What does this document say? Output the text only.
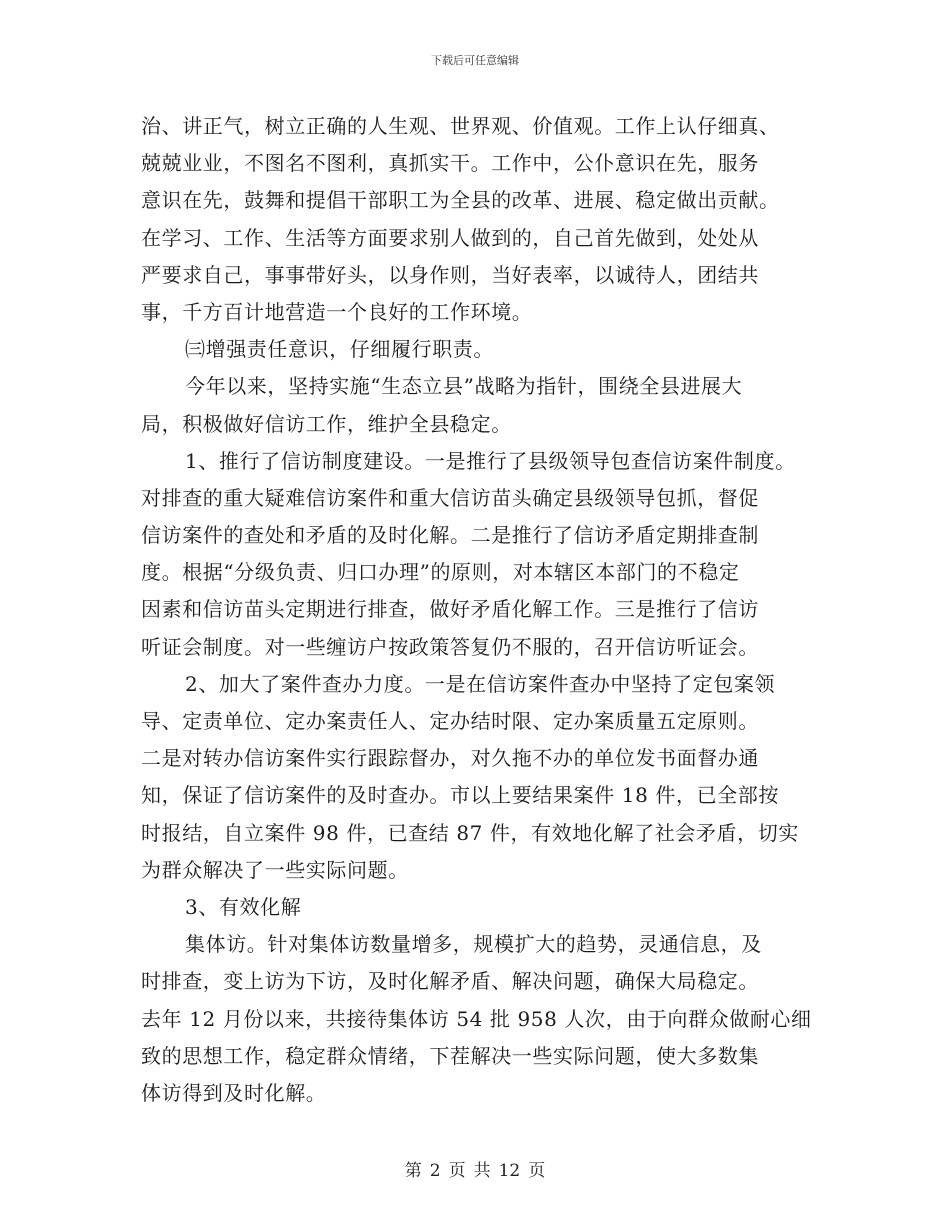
下载后可任意编辑
治、讲正气，树立正确的人生观、世界观、价值观。工作上认仔细真、
兢兢业业，不图名不图利，真抓实干。工作中，公仆意识在先，服务
意识在先，鼓舞和提倡干部职工为全县的改革、进展、稳定做出贡献。
在学习、工作、生活等方面要求别人做到的，自己首先做到，处处从
严要求自己，事事带好头，以身作则，当好表率，以诚待人，团结共
事，千方百计地营造一个良好的工作环境。
㈢增强责任意识，仔细履行职责。
今年以来，坚持实施“生态立县”战略为指针，围绕全县进展大
局，积极做好信访工作，维护全县稳定。
1、推行了信访制度建设。一是推行了县级领导包查信访案件制度。
对排查的重大疑难信访案件和重大信访苗头确定县级领导包抓，督促
信访案件的查处和矛盾的及时化解。二是推行了信访矛盾定期排查制
度。根据“分级负责、归口办理”的原则，对本辖区本部门的不稳定
因素和信访苗头定期进行排查，做好矛盾化解工作。三是推行了信访
听证会制度。对一些缠访户按政策答复仍不服的，召开信访听证会。
2、加大了案件查办力度。一是在信访案件查办中坚持了定包案领
导、定责单位、定办案责任人、定办结时限、定办案质量五定原则。
二是对转办信访案件实行跟踪督办，对久拖不办的单位发书面督办通
知，保证了信访案件的及时查办。市以上要结果案件 18 件，已全部按
时报结，自立案件 98 件，已查结 87 件，有效地化解了社会矛盾，切实
为群众解决了一些实际问题。
3、有效化解
集体访。针对集体访数量增多，规模扩大的趋势，灵通信息，及
时排查，变上访为下访，及时化解矛盾、解决问题，确保大局稳定。
去年 12 月份以来，共接待集体访 54 批 958 人次，由于向群众做耐心细
致的思想工作，稳定群众情绪，下茬解决一些实际问题，使大多数集
体访得到及时化解。
第 2 页 共 12 页
